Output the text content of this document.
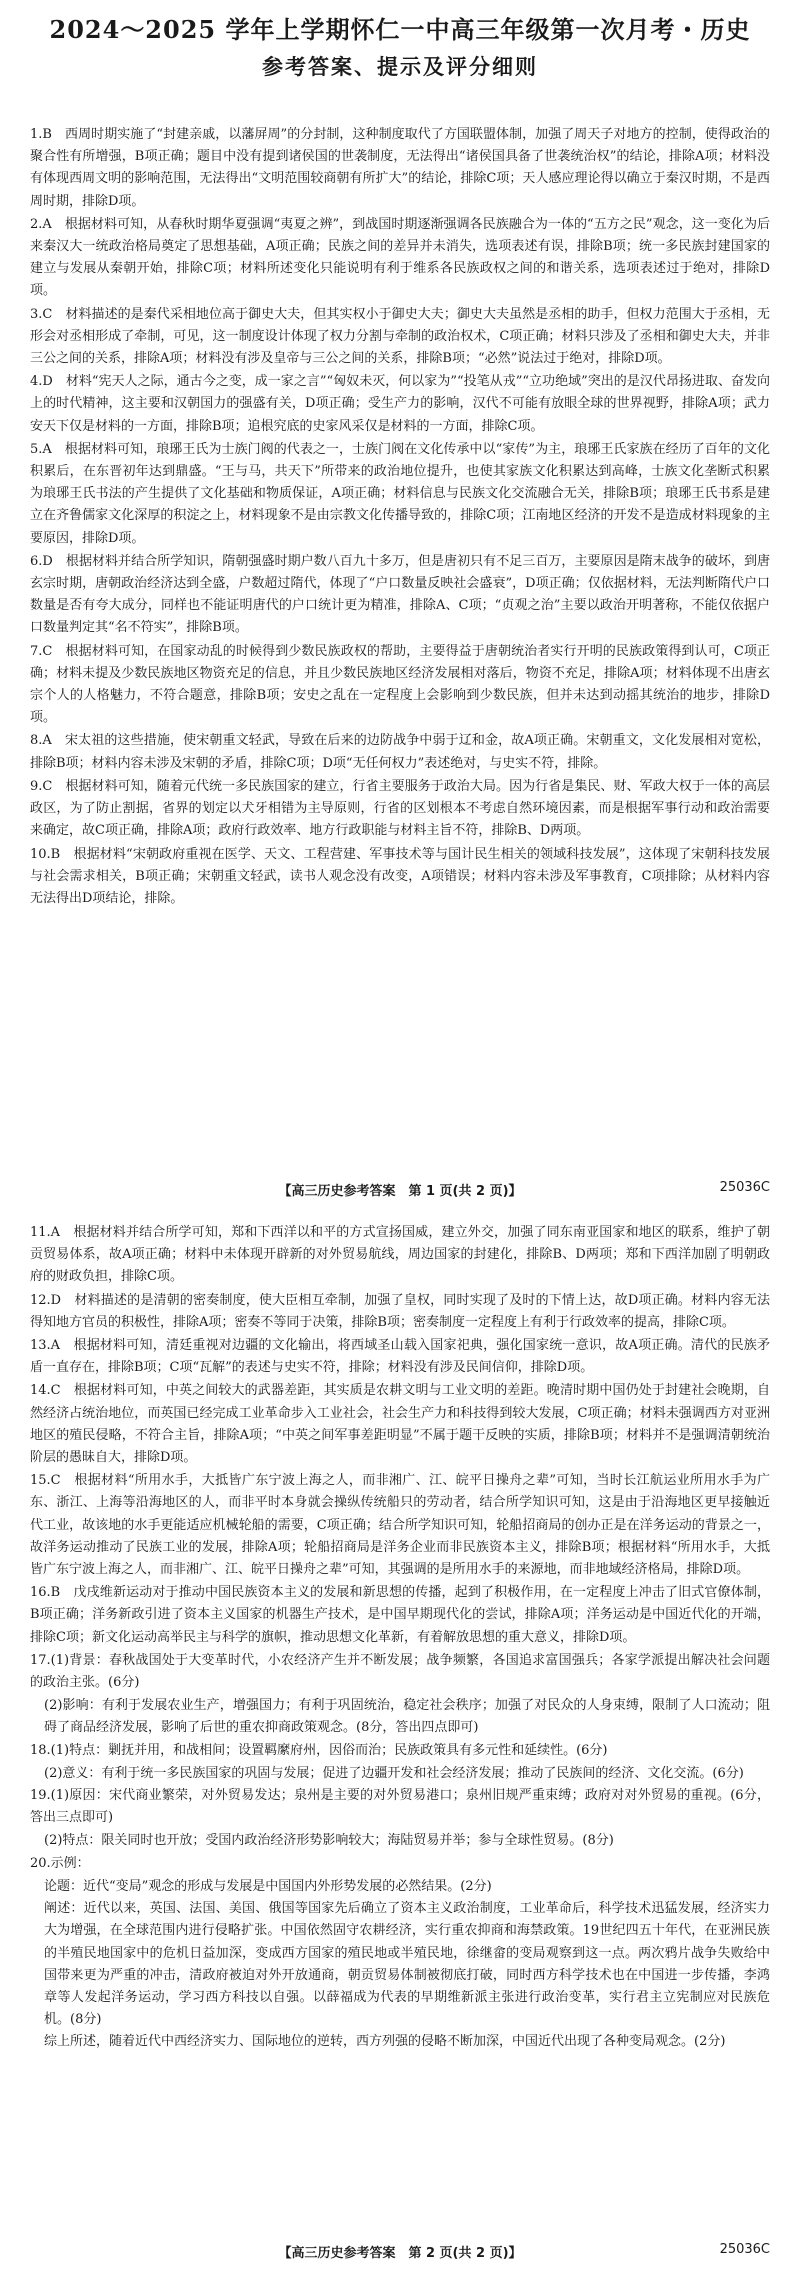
2024～2025 学年上学期怀仁一中高三年级第一次月考・历史
参考答案、提示及评分细则

1.B　西周时期实施了“封建亲戚，以藩屏周”的分封制，这种制度取代了方国联盟体制，加强了周天子对地方的控制，使得政治的聚合性有所增强，B项正确；题目中没有提到诸侯国的世袭制度，无法得出“诸侯国具备了世袭统治权”的结论，排除A项；材料没有体现西周文明的影响范围，无法得出“文明范围较商朝有所扩大”的结论，排除C项；天人感应理论得以确立于秦汉时期，不是西周时期，排除D项。

2.A　根据材料可知，从春秋时期华夏强调“夷夏之辨”，到战国时期逐渐强调各民族融合为一体的“五方之民”观念，这一变化为后来秦汉大一统政治格局奠定了思想基础，A项正确；民族之间的差异并未消失，选项表述有误，排除B项；统一多民族封建国家的建立与发展从秦朝开始，排除C项；材料所述变化只能说明有利于维系各民族政权之间的和谐关系，选项表述过于绝对，排除D项。

3.C　材料描述的是秦代采相地位高于御史大夫，但其实权小于御史大夫；御史大夫虽然是丞相的助手，但权力范围大于丞相，无形会对丞相形成了牵制，可见，这一制度设计体现了权力分割与牵制的政治权术，C项正确；材料只涉及了丞相和御史大夫，并非三公之间的关系，排除A项；材料没有涉及皇帝与三公之间的关系，排除B项；“必然”说法过于绝对，排除D项。

4.D　材料“宪天人之际，通古今之变，成一家之言”“匈奴未灭，何以家为”“投笔从戎”“立功绝域”突出的是汉代昂扬进取、奋发向上的时代精神，这主要和汉朝国力的强盛有关，D项正确；受生产力的影响，汉代不可能有放眼全球的世界视野，排除A项；武力安天下仅是材料的一方面，排除B项；追根究底的史家风采仅是材料的一方面，排除C项。

5.A　根据材料可知，琅琊王氏为士族门阀的代表之一，士族门阀在文化传承中以“家传”为主，琅琊王氏家族在经历了百年的文化积累后，在东晋初年达到鼎盛。“王与马，共天下”所带来的政治地位提升，也使其家族文化积累达到高峰，士族文化垄断式积累为琅琊王氏书法的产生提供了文化基础和物质保证，A项正确；材料信息与民族文化交流融合无关，排除B项；琅琊王氏书系是建立在齐鲁儒家文化深厚的积淀之上，材料现象不是由宗教文化传播导致的，排除C项；江南地区经济的开发不是造成材料现象的主要原因，排除D项。

6.D　根据材料并结合所学知识，隋朝强盛时期户数八百九十多万，但是唐初只有不足三百万，主要原因是隋末战争的破坏，到唐玄宗时期，唐朝政治经济达到全盛，户数超过隋代，体现了“户口数量反映社会盛衰”，D项正确；仅依据材料，无法判断隋代户口数量是否有夸大成分，同样也不能证明唐代的户口统计更为精准，排除A、C项；“贞观之治”主要以政治开明著称，不能仅依据户口数量判定其“名不符实”，排除B项。

7.C　根据材料可知，在国家动乱的时候得到少数民族政权的帮助，主要得益于唐朝统治者实行开明的民族政策得到认可，C项正确；材料未提及少数民族地区物资充足的信息，并且少数民族地区经济发展相对落后，物资不充足，排除A项；材料体现不出唐玄宗个人的人格魅力，不符合题意，排除B项；安史之乱在一定程度上会影响到少数民族，但并未达到动摇其统治的地步，排除D项。

8.A　宋太祖的这些措施，使宋朝重文轻武，导致在后来的边防战争中弱于辽和金，故A项正确。宋朝重文，文化发展相对宽松，排除B项；材料内容未涉及宋朝的矛盾，排除C项；D项“无任何权力”表述绝对，与史实不符，排除。

9.C　根据材料可知，随着元代统一多民族国家的建立，行省主要服务于政治大局。因为行省是集民、财、军政大权于一体的高层政区，为了防止割据，省界的划定以犬牙相错为主导原则，行省的区划根本不考虑自然环境因素，而是根据军事行动和政治需要来确定，故C项正确，排除A项；政府行政效率、地方行政职能与材料主旨不符，排除B、D两项。

10.B　根据材料“宋朝政府重视在医学、天文、工程营建、军事技术等与国计民生相关的领域科技发展”，这体现了宋朝科技发展与社会需求相关，B项正确；宋朝重文轻武，读书人观念没有改变，A项错误；材料内容未涉及军事教育，C项排除；从材料内容无法得出D项结论，排除。

【高三历史参考答案　第 1 页(共 2 页)】	25036C

11.A　根据材料并结合所学可知，郑和下西洋以和平的方式宣扬国威，建立外交，加强了同东南亚国家和地区的联系，维护了朝贡贸易体系，故A项正确；材料中未体现开辟新的对外贸易航线，周边国家的封建化，排除B、D两项；郑和下西洋加剧了明朝政府的财政负担，排除C项。

12.D　材料描述的是清朝的密奏制度，使大臣相互牵制，加强了皇权，同时实现了及时的下情上达，故D项正确。材料内容无法得知地方官员的积极性，排除A项；密奏不等同于决策，排除B项；密奏制度一定程度上有利于行政效率的提高，排除C项。

13.A　根据材料可知，清廷重视对边疆的文化输出，将西域圣山载入国家祀典，强化国家统一意识，故A项正确。清代的民族矛盾一直存在，排除B项；C项“瓦解”的表述与史实不符，排除；材料没有涉及民间信仰，排除D项。

14.C　根据材料可知，中英之间较大的武器差距，其实质是农耕文明与工业文明的差距。晚清时期中国仍处于封建社会晚期，自然经济占统治地位，而英国已经完成工业革命步入工业社会，社会生产力和科技得到较大发展，C项正确；材料未强调西方对亚洲地区的殖民侵略，不符合主旨，排除A项；“中英之间军事差距明显”不属于题干反映的实质，排除B项；材料并不是强调清朝统治阶层的愚昧自大，排除D项。

15.C　根据材料“所用水手，大抵皆广东宁波上海之人，而非湘广、江、皖平日操舟之辈”可知，当时长江航运业所用水手为广东、浙江、上海等沿海地区的人，而非平时本身就会操纵传统船只的劳动者，结合所学知识可知，这是由于沿海地区更早接触近代工业，故该地的水手更能适应机械轮船的需要，C项正确；结合所学知识可知，轮船招商局的创办正是在洋务运动的背景之一，故洋务运动推动了民族工业的发展，排除A项；轮船招商局是洋务企业而非民族资本主义，排除B项；根据材料“所用水手，大抵皆广东宁波上海之人，而非湘广、江、皖平日操舟之辈”可知，其强调的是所用水手的来源地，而非地域经济格局，排除D项。

16.B　戊戌维新运动对于推动中国民族资本主义的发展和新思想的传播，起到了积极作用，在一定程度上冲击了旧式官僚体制，B项正确；洋务新政引进了资本主义国家的机器生产技术，是中国早期现代化的尝试，排除A项；洋务运动是中国近代化的开端，排除C项；新文化运动高举民主与科学的旗帜，推动思想文化革新，有着解放思想的重大意义，排除D项。

17.(1)背景：春秋战国处于大变革时代，小农经济产生并不断发展；战争频繁，各国追求富国强兵；各家学派提出解决社会问题的政治主张。(6分)

(2)影响：有利于发展农业生产，增强国力；有利于巩固统治，稳定社会秩序；加强了对民众的人身束缚，限制了人口流动；阻碍了商品经济发展，影响了后世的重农抑商政策观念。(8分，答出四点即可)

18.(1)特点：剿抚并用，和战相间；设置羁縻府州，因俗而治；民族政策具有多元性和延续性。(6分)

(2)意义：有利于统一多民族国家的巩固与发展；促进了边疆开发和社会经济发展；推动了民族间的经济、文化交流。(6分)

19.(1)原因：宋代商业繁荣，对外贸易发达；泉州是主要的对外贸易港口；泉州旧规严重束缚；政府对对外贸易的重视。(6分，答出三点即可)

(2)特点：限关同时也开放；受国内政治经济形势影响较大；海陆贸易并举；参与全球性贸易。(8分)

20.示例：

论题：近代“变局”观念的形成与发展是中国国内外形势发展的必然结果。(2分)

阐述：近代以来，英国、法国、美国、俄国等国家先后确立了资本主义政治制度，工业革命后，科学技术迅猛发展，经济实力大为增强，在全球范围内进行侵略扩张。中国依然固守农耕经济，实行重农抑商和海禁政策。19世纪四五十年代，在亚洲民族的半殖民地国家中的危机日益加深，变成西方国家的殖民地或半殖民地，徐继畲的变局观察到这一点。两次鸦片战争失败给中国带来更为严重的冲击，清政府被迫对外开放通商，朝贡贸易体制被彻底打破，同时西方科学技术也在中国进一步传播，李鸿章等人发起洋务运动，学习西方科技以自强。以薛福成为代表的早期维新派主张进行政治变革，实行君主立宪制应对民族危机。(8分)

综上所述，随着近代中西经济实力、国际地位的逆转，西方列强的侵略不断加深，中国近代出现了各种变局观念。(2分)

【高三历史参考答案　第 2 页(共 2 页)】	25036C
